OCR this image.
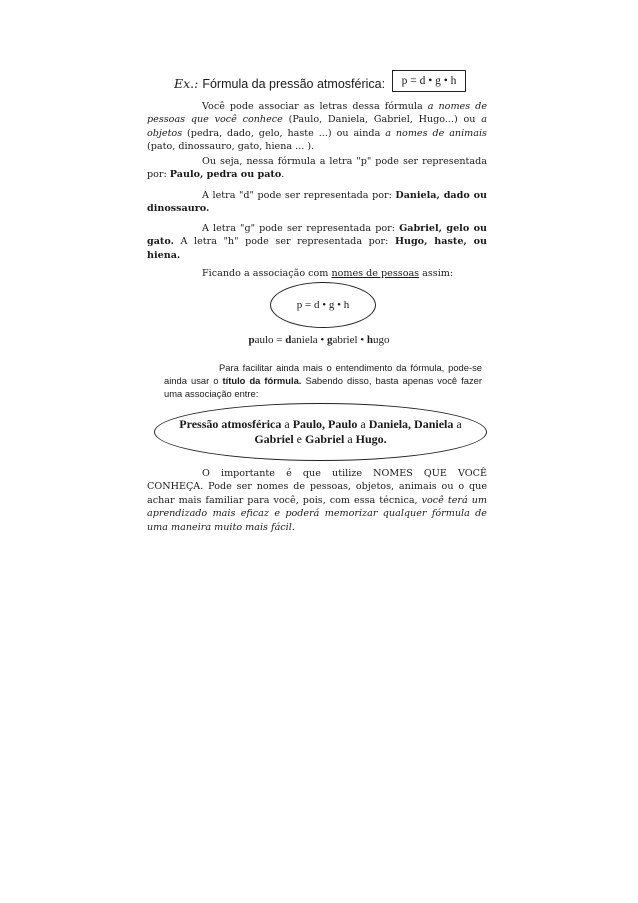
Ex.: Fórmula da pressão atmosférica:	p = d • g • h

Você pode associar as letras dessa fórmula a nomes de pessoas que você conhece (Paulo, Daniela, Gabriel, Hugo...) ou a objetos (pedra, dado, gelo, haste ...) ou ainda a nomes de animais (pato, dinossauro, gato, hiena ... ).

Ou seja, nessa fórmula a letra "p" pode ser representada por: Paulo, pedra ou pato.

A letra "d" pode ser representada por: Daniela, dado ou dinossauro.

A letra "g" pode ser representada por: Gabriel, gelo ou gato. A letra "h" pode ser representada por: Hugo, haste, ou hiena.

Ficando a associação com nomes de pessoas assim:

p = d • g • h
paulo = daniela • gabriel • hugo

Para facilitar ainda mais o entendimento da fórmula, pode-se ainda usar o título da fórmula. Sabendo disso, basta apenas você fazer uma associação entre:

Pressão atmosférica a Paulo, Paulo a Daniela, Daniela a Gabriel e Gabriel a Hugo.

O importante é que utilize NOMES QUE VOCÊ CONHEÇA. Pode ser nomes de pessoas, objetos, animais ou o que achar mais familiar para você, pois, com essa técnica, você terá um aprendizado mais eficaz e poderá memorizar qualquer fórmula de uma maneira muito mais fácil.
